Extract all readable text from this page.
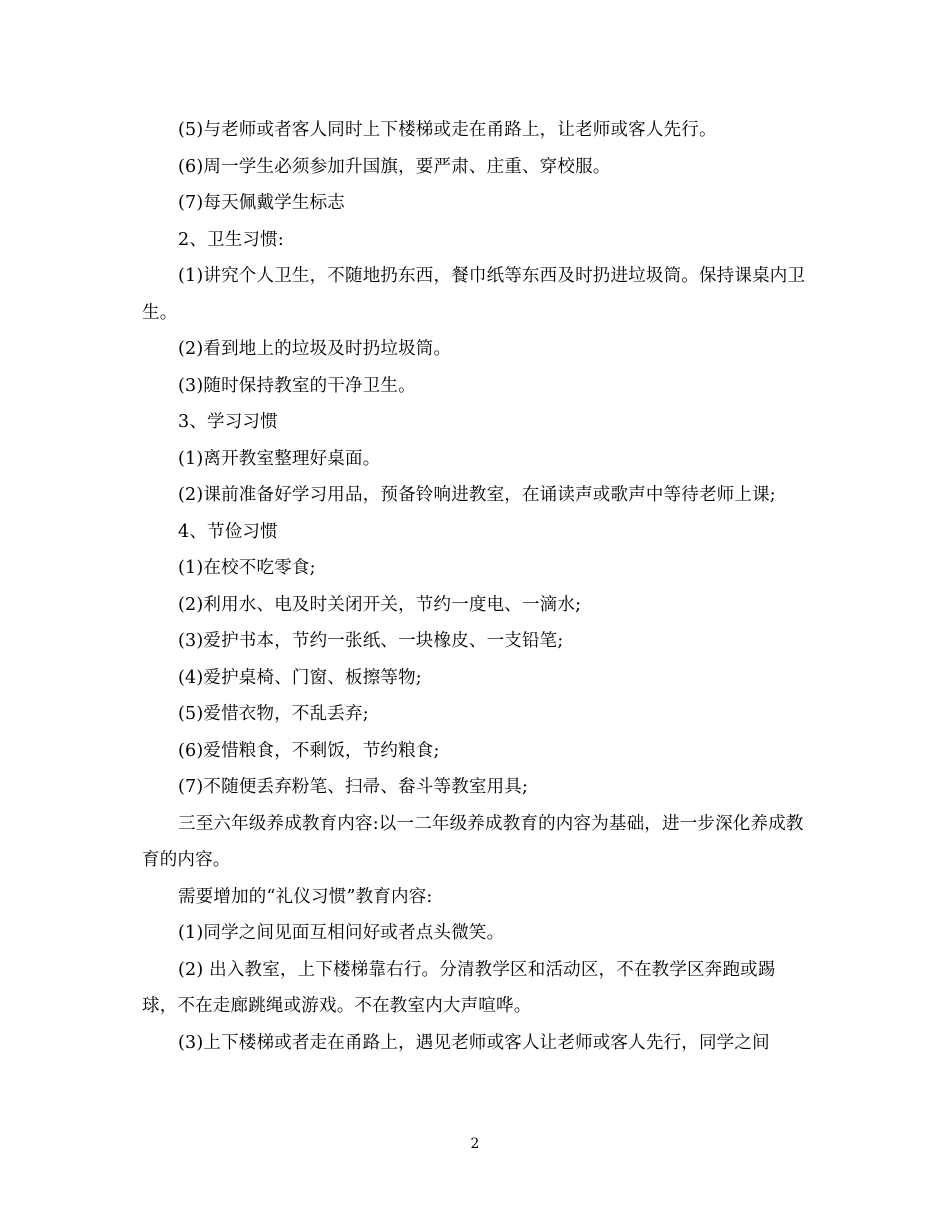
(5)与老师或者客人同时上下楼梯或走在甬路上，让老师或客人先行。

(6)周一学生必须参加升国旗，要严肃、庄重、穿校服。

(7)每天佩戴学生标志

2、卫生习惯:

(1)讲究个人卫生，不随地扔东西，餐巾纸等东西及时扔进垃圾筒。保持课桌内卫生。

(2)看到地上的垃圾及时扔垃圾筒。

(3)随时保持教室的干净卫生。

3、学习习惯

(1)离开教室整理好桌面。

(2)课前准备好学习用品，预备铃响进教室，在诵读声或歌声中等待老师上课;

4、节俭习惯

(1)在校不吃零食;

(2)利用水、电及时关闭开关，节约一度电、一滴水;

(3)爱护书本，节约一张纸、一块橡皮、一支铅笔;

(4)爱护桌椅、门窗、板擦等物;

(5)爱惜衣物，不乱丢弃;

(6)爱惜粮食，不剩饭，节约粮食;

(7)不随便丢弃粉笔、扫帚、畚斗等教室用具;

三至六年级养成教育内容:以一二年级养成教育的内容为基础，进一步深化养成教育的内容。

需要增加的“礼仪习惯”教育内容:

(1)同学之间见面互相问好或者点头微笑。

(2) 出入教室，上下楼梯靠右行。分清教学区和活动区，不在教学区奔跑或踢球，不在走廊跳绳或游戏。不在教室内大声喧哗。

(3)上下楼梯或者走在甬路上，遇见老师或客人让老师或客人先行，同学之间

2
